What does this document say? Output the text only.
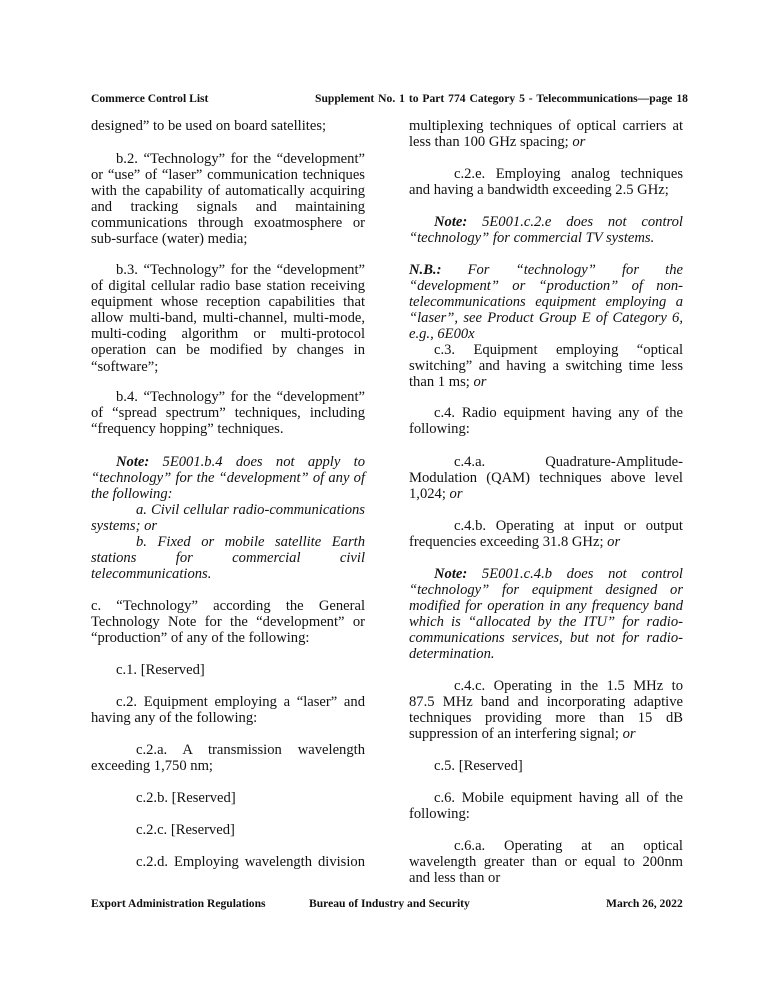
Commerce Control List	Supplement No. 1 to Part 774 Category 5 - Telecommunications—page 18

designed” to be used on board satellites;

b.2. “Technology” for the “development” or “use” of “laser” communication techniques with the capability of automatically acquiring and tracking signals and maintaining communications through exoatmosphere or sub-surface (water) media;

b.3. “Technology” for the “development” of digital cellular radio base station receiving equipment whose reception capabilities that allow multi-band, multi-channel, multi-mode, multi-coding algorithm or multi-protocol operation can be modified by changes in “software”;

b.4. “Technology” for the “development” of “spread spectrum” techniques, including “frequency hopping” techniques.

Note: 5E001.b.4 does not apply to “technology” for the “development” of any of the following:

a. Civil cellular radio-communications systems; or

b. Fixed or mobile satellite Earth stations for commercial civil telecommunications.

c. “Technology” according the General Technology Note for the “development” or “production” of any of the following:

c.1. [Reserved]

c.2. Equipment employing a “laser” and having any of the following:

c.2.a. A transmission wavelength exceeding 1,750 nm;

c.2.b. [Reserved]

c.2.c. [Reserved]

c.2.d. Employing wavelength division

multiplexing techniques of optical carriers at less than 100 GHz spacing; or

c.2.e. Employing analog techniques and having a bandwidth exceeding 2.5 GHz;

Note: 5E001.c.2.e does not control “technology” for commercial TV systems.

N.B.: For “technology” for the “development” or “production” of non-telecommunications equipment employing a “laser”, see Product Group E of Category 6, e.g., 6E00x

c.3. Equipment employing “optical switching” and having a switching time less than 1 ms; or

c.4. Radio equipment having any of the following:

c.4.a. Quadrature-Amplitude-Modulation (QAM) techniques above level 1,024; or

c.4.b. Operating at input or output frequencies exceeding 31.8 GHz; or

Note: 5E001.c.4.b does not control “technology” for equipment designed or modified for operation in any frequency band which is “allocated by the ITU” for radio-communications services, but not for radio-determination.

c.4.c. Operating in the 1.5 MHz to 87.5 MHz band and incorporating adaptive techniques providing more than 15 dB suppression of an interfering signal; or

c.5. [Reserved]

c.6. Mobile equipment having all of the following:

c.6.a. Operating at an optical wavelength greater than or equal to 200nm and less than or

Export Administration Regulations	Bureau of Industry and Security	March 26, 2022
